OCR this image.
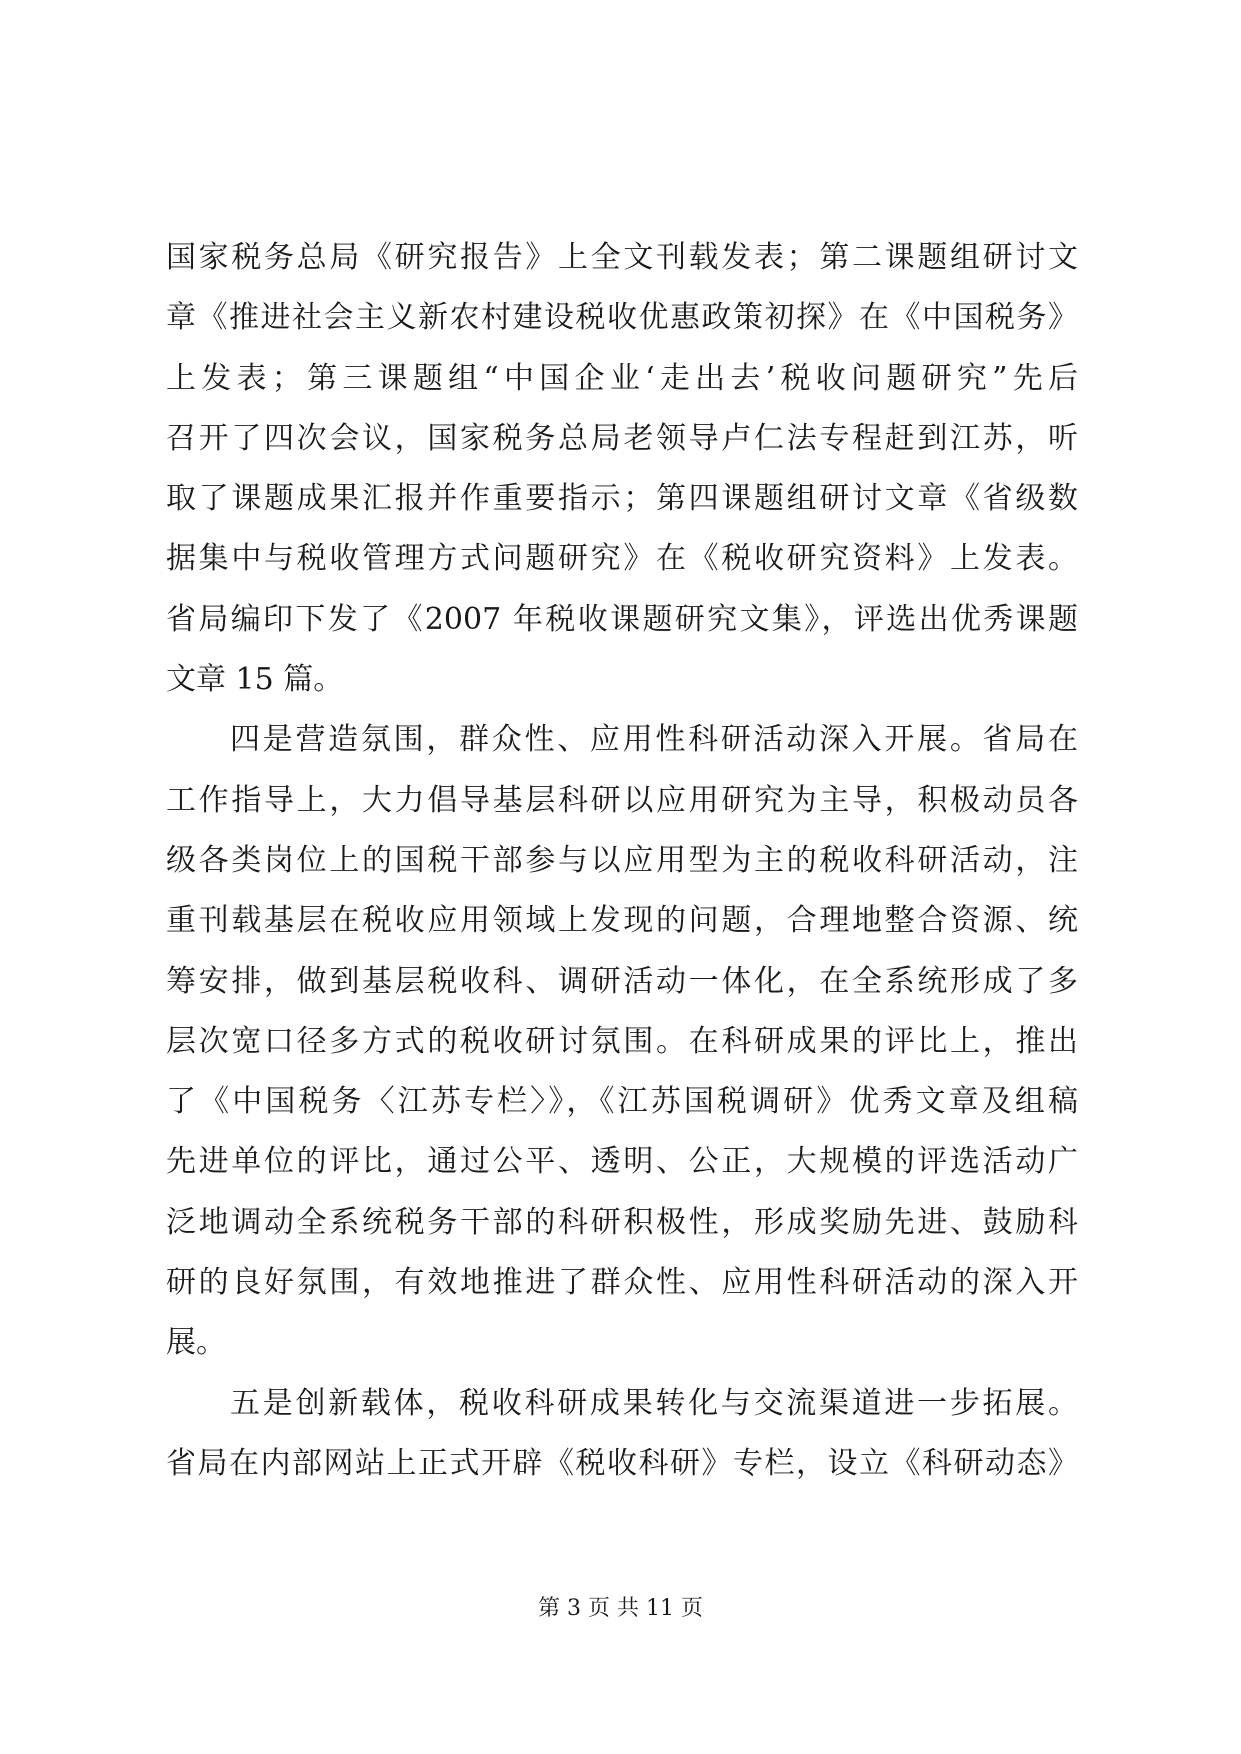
国家税务总局《研究报告》上全文刊载发表；第二课题组研讨文
章《推进社会主义新农村建设税收优惠政策初探》在《中国税务》
上发表；第三课题组“中国企业‘走出去’税收问题研究”先后
召开了四次会议，国家税务总局老领导卢仁法专程赶到江苏，听
取了课题成果汇报并作重要指示；第四课题组研讨文章《省级数
据集中与税收管理方式问题研究》在《税收研究资料》上发表。
省局编印下发了《2007 年税收课题研究文集》，评选出优秀课题
文章 15 篇。
四是营造氛围，群众性、应用性科研活动深入开展。省局在
工作指导上，大力倡导基层科研以应用研究为主导，积极动员各
级各类岗位上的国税干部参与以应用型为主的税收科研活动，注
重刊载基层在税收应用领域上发现的问题，合理地整合资源、统
筹安排，做到基层税收科、调研活动一体化，在全系统形成了多
层次宽口径多方式的税收研讨氛围。在科研成果的评比上，推出
了《中国税务〈江苏专栏〉》，《江苏国税调研》优秀文章及组稿
先进单位的评比，通过公平、透明、公正，大规模的评选活动广
泛地调动全系统税务干部的科研积极性，形成奖励先进、鼓励科
研的良好氛围，有效地推进了群众性、应用性科研活动的深入开
展。
五是创新载体，税收科研成果转化与交流渠道进一步拓展。
省局在内部网站上正式开辟《税收科研》专栏，设立《科研动态》
第 3 页 共 11 页
